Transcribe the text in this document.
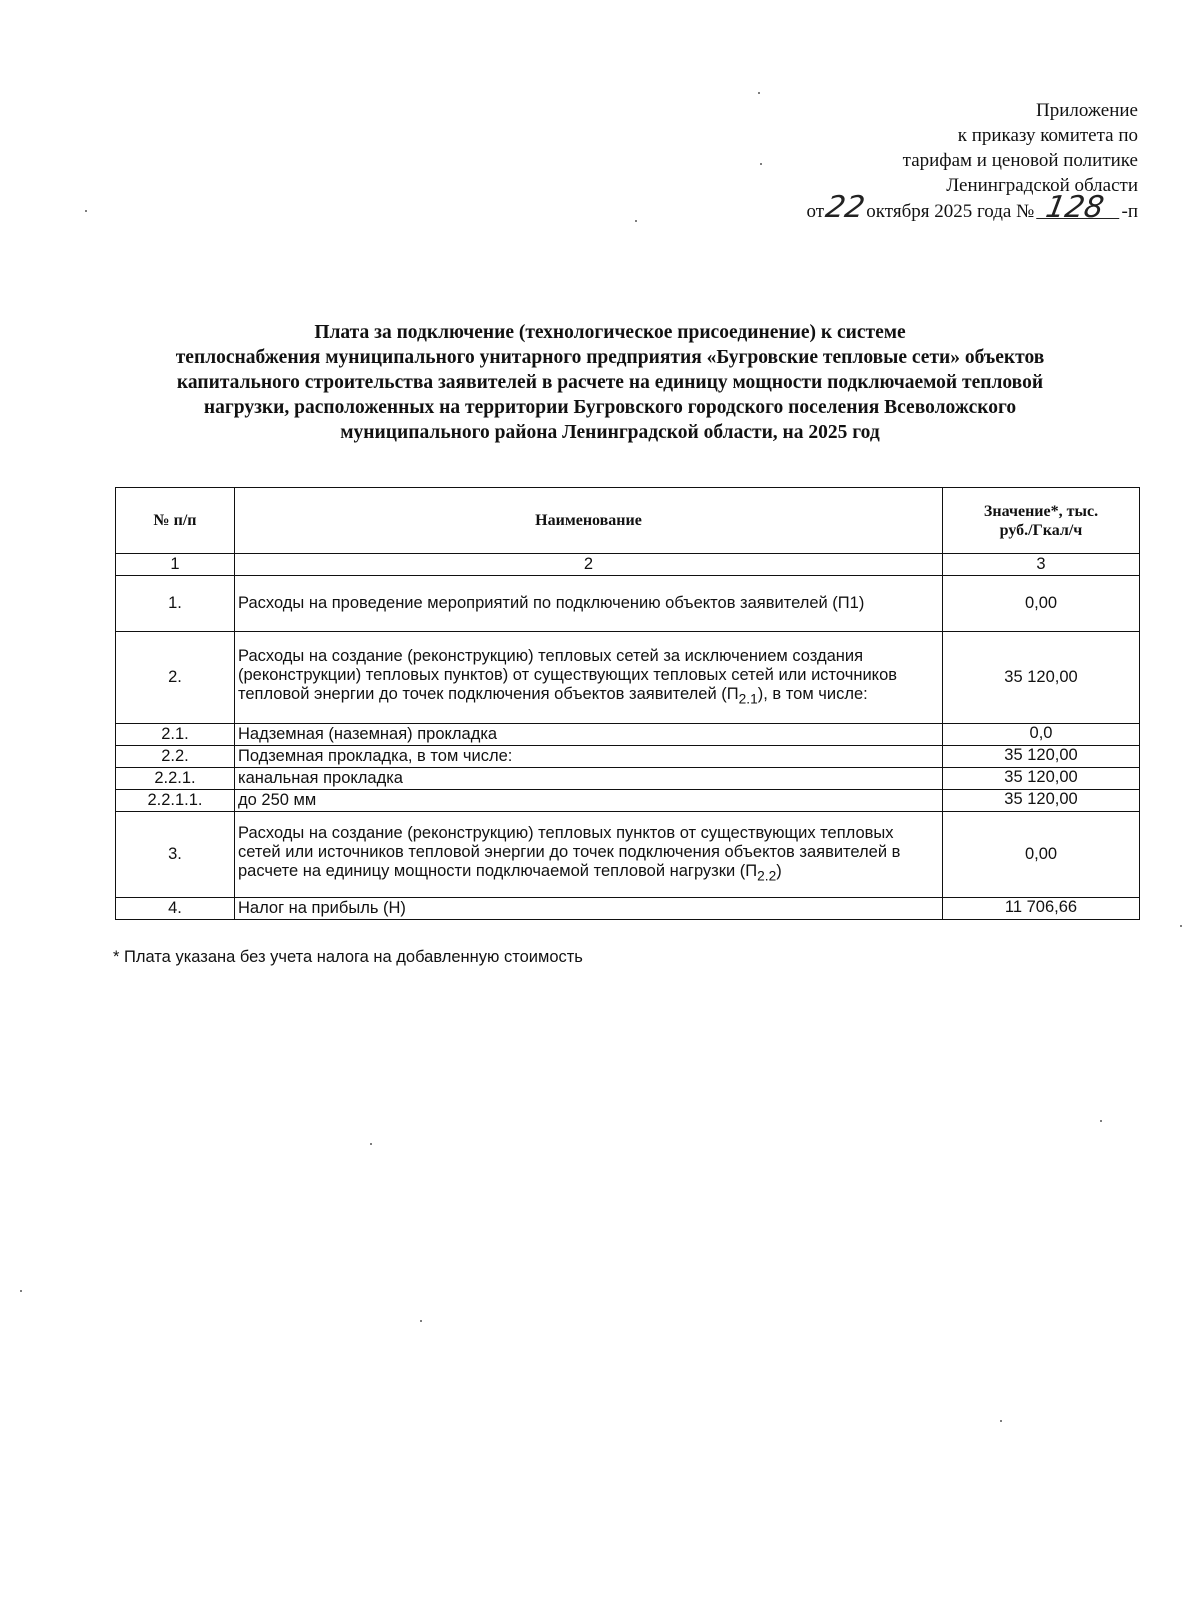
Приложение
к приказу комитета по
тарифам и ценовой политике
Ленинградской области
от22октября 2025 года № 128 -п
Плата за подключение (технологическое присоединение) к системе
теплоснабжения муниципального унитарного предприятия «Бугровские тепловые сети» объектов
капитального строительства заявителей в расчете на единицу мощности подключаемой тепловой
нагрузки, расположенных на территории Бугровского городского поселения Всеволожского
муниципального района Ленинградской области, на 2025 год
№ п/п	Наименование	Значение*, тыс.
руб./Гкал/ч

1	2	3
1.	Расходы на проведение мероприятий по подключению объектов заявителей (П1)	0,00
2.	Расходы на создание (реконструкцию) тепловых сетей за исключением создания (реконструкции) тепловых пунктов) от существующих тепловых сетей или источников тепловой энергии до точек подключения объектов заявителей $(П_{2.1})$, в том числе:	35 120,00
2.1.	Надземная (наземная) прокладка	0,0
2.2.	Подземная прокладка, в том числе:	35 120,00
2.2.1.	канальная прокладка	35 120,00
2.2.1.1.	до 250 мм	35 120,00
3.	Расходы на создание (реконструкцию) тепловых пунктов от существующих тепловых сетей или источников тепловой энергии до точек подключения объектов заявителей в расчете на единицу мощности подключаемой тепловой нагрузки $(П_{2.2})$	0,00
4.	Налог на прибыль (Н)	11 706,66
* Плата указана без учета налога на добавленную стоимость
